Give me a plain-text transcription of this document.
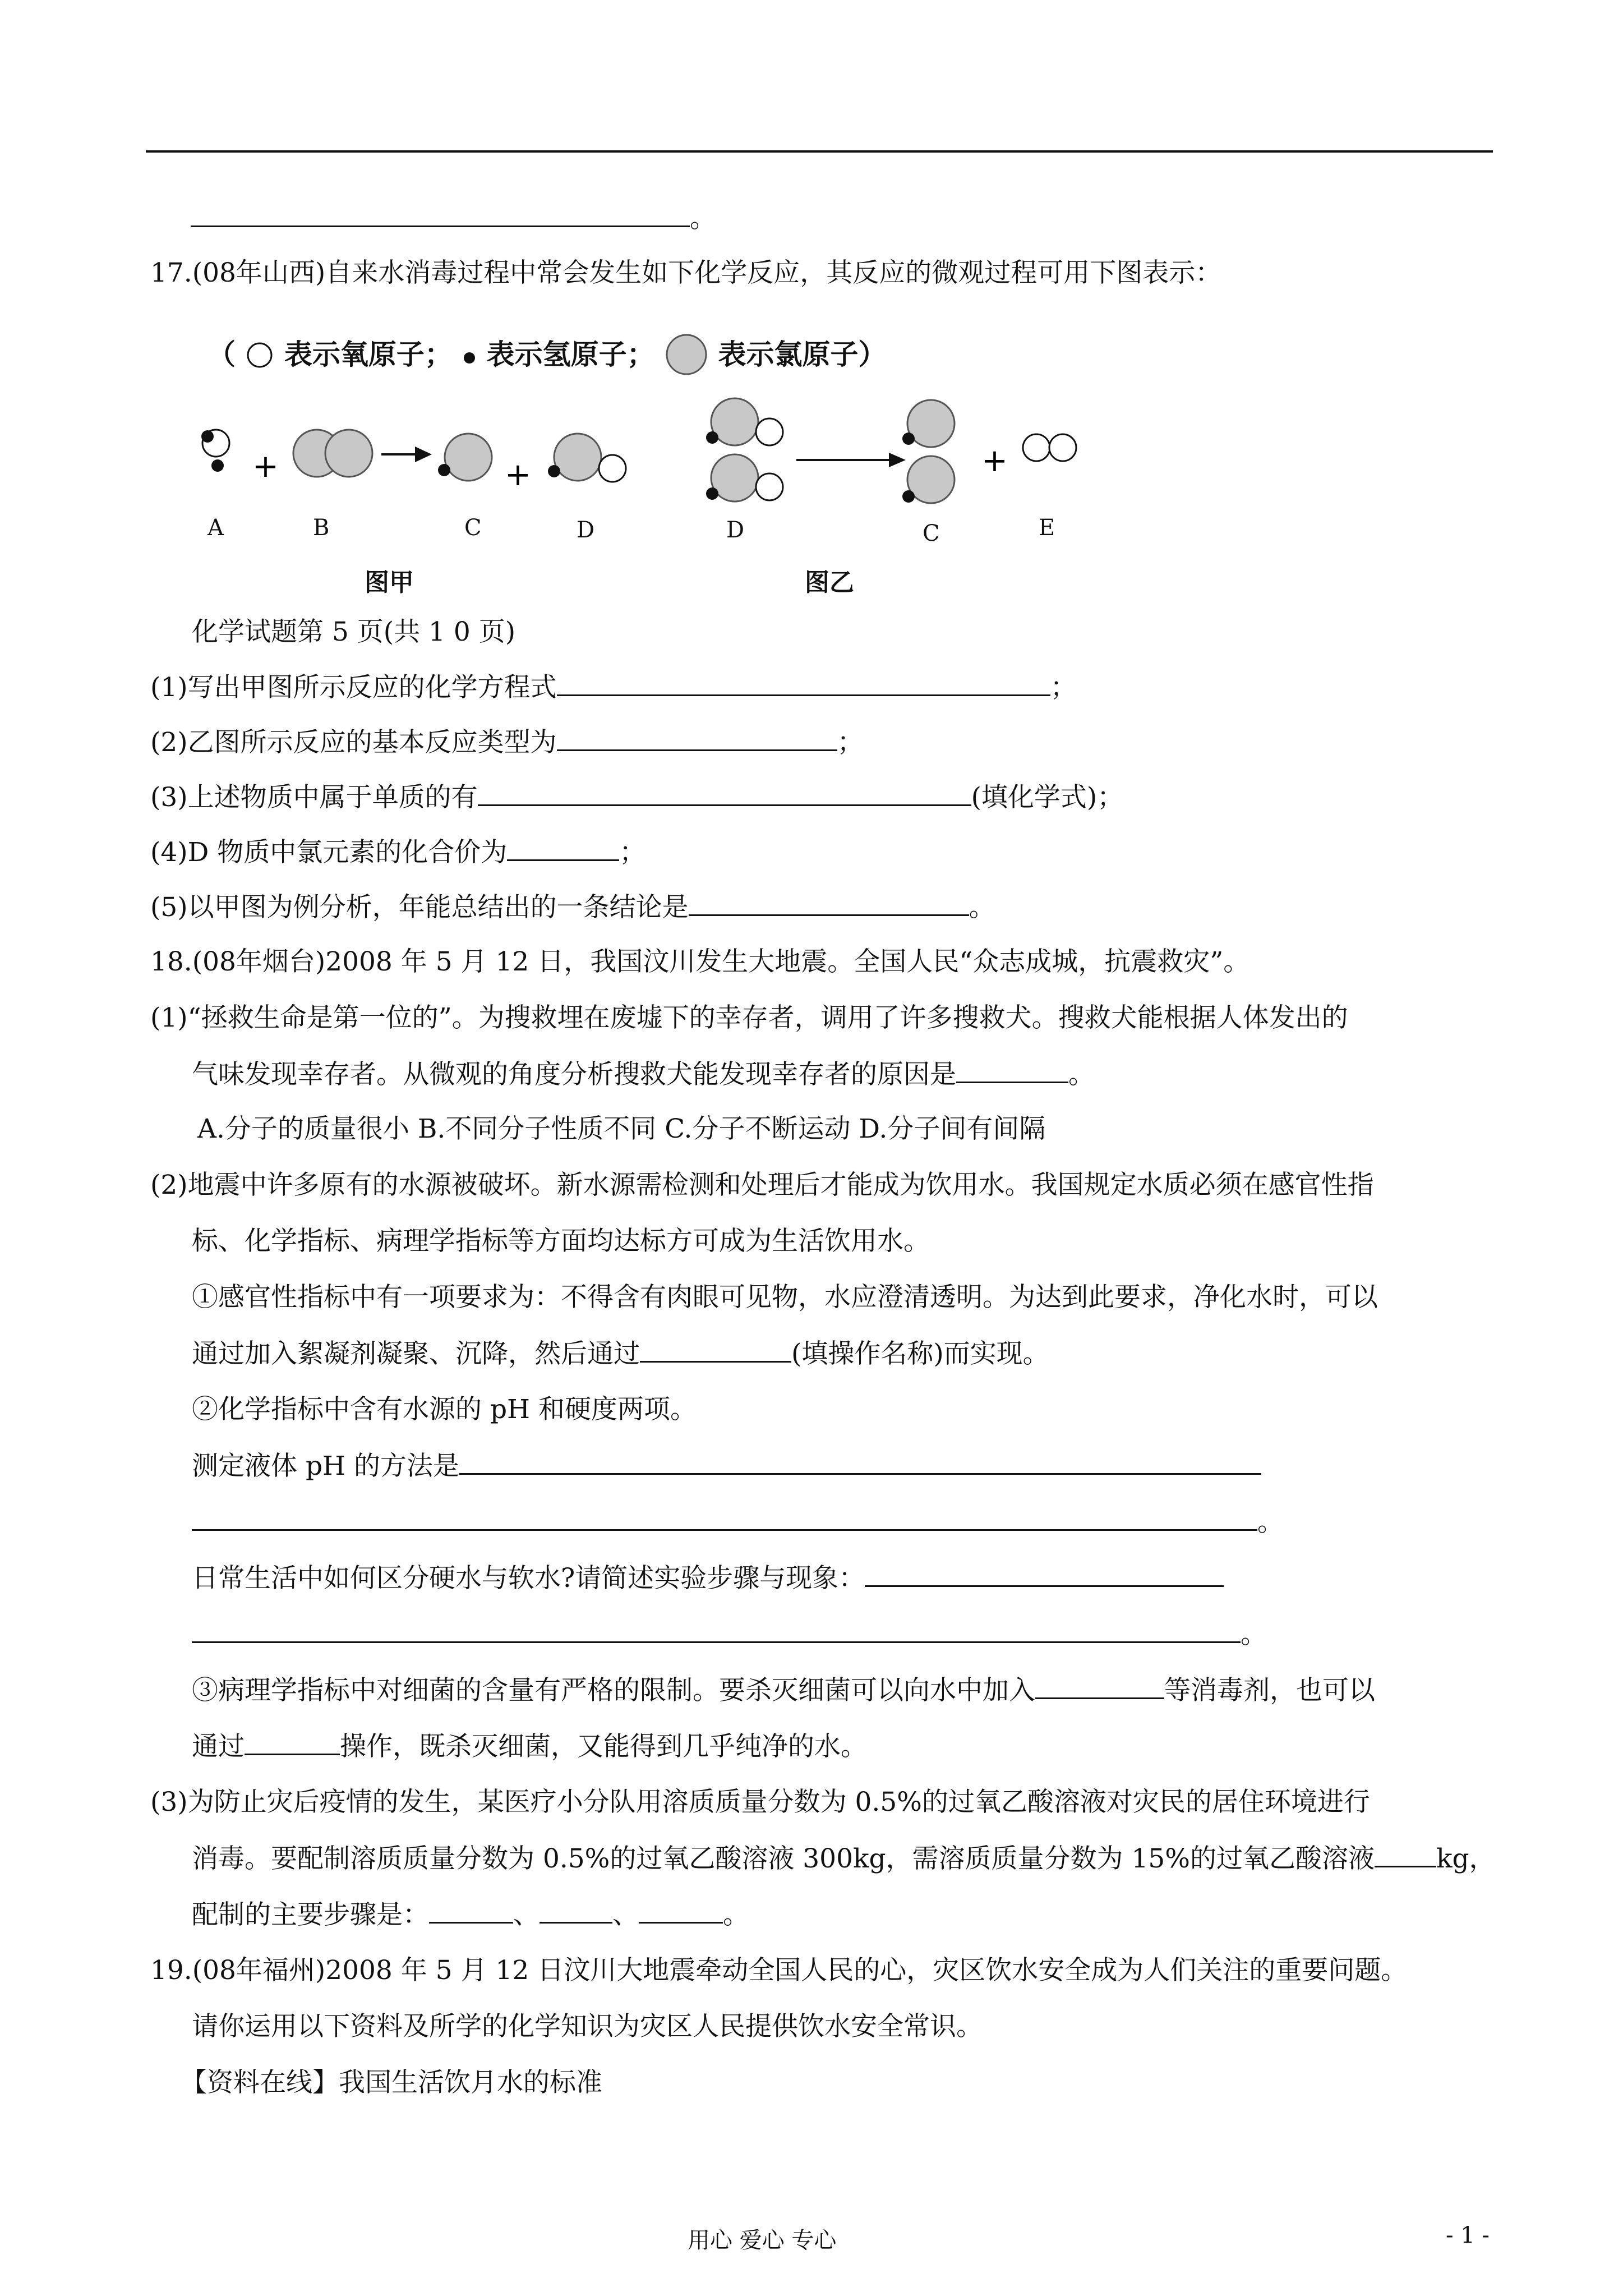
。
17.(08年山西)自来水消毒过程中常会发生如下化学反应，其反应的微观过程可用下图表示：
（ 表示氧原子； 表示氢原子； 表示氯原子）
+	+	+
A	B	C	D	D	C	E
图甲	图乙
化学试题第 5 页(共 1 0 页)
(1)写出甲图所示反应的化学方程式	；
(2)乙图所示反应的基本反应类型为	；
(3)上述物质中属于单质的有	(填化学式)；
(4)D 物质中氯元素的化合价为	；
(5)以甲图为例分析，年能总结出的一条结论是	。
18.(08年烟台)2008 年 5 月 12 日，我国汶川发生大地震。全国人民“众志成城，抗震救灾”。
(1)“拯救生命是第一位的”。为搜救埋在废墟下的幸存者，调用了许多搜救犬。搜救犬能根据人体发出的
气味发现幸存者。从微观的角度分析搜救犬能发现幸存者的原因是	。
A.分子的质量很小 B.不同分子性质不同 C.分子不断运动 D.分子间有间隔
(2)地震中许多原有的水源被破坏。新水源需检测和处理后才能成为饮用水。我国规定水质必须在感官性指
标、化学指标、病理学指标等方面均达标方可成为生活饮用水。
①感官性指标中有一项要求为：不得含有肉眼可见物，水应澄清透明。为达到此要求，净化水时，可以
通过加入絮凝剂凝聚、沉降，然后通过	(填操作名称)而实现。
②化学指标中含有水源的 pH 和硬度两项。
测定液体 pH 的方法是
。
日常生活中如何区分硬水与软水?请简述实验步骤与现象：
。
③病理学指标中对细菌的含量有严格的限制。要杀灭细菌可以向水中加入	等消毒剂，也可以
通过	操作，既杀灭细菌，又能得到几乎纯净的水。
(3)为防止灾后疫情的发生，某医疗小分队用溶质质量分数为 0.5%的过氧乙酸溶液对灾民的居住环境进行
消毒。要配制溶质质量分数为 0.5%的过氧乙酸溶液 300kg，需溶质质量分数为 15%的过氧乙酸溶液 kg，
配制的主要步骤是：	、	、	。
19.(08年福州)2008 年 5 月 12 日汶川大地震牵动全国人民的心，灾区饮水安全成为人们关注的重要问题。
请你运用以下资料及所学的化学知识为灾区人民提供饮水安全常识。
【资料在线】我国生活饮月水的标准
用心 爱心 专心	- 1 -
